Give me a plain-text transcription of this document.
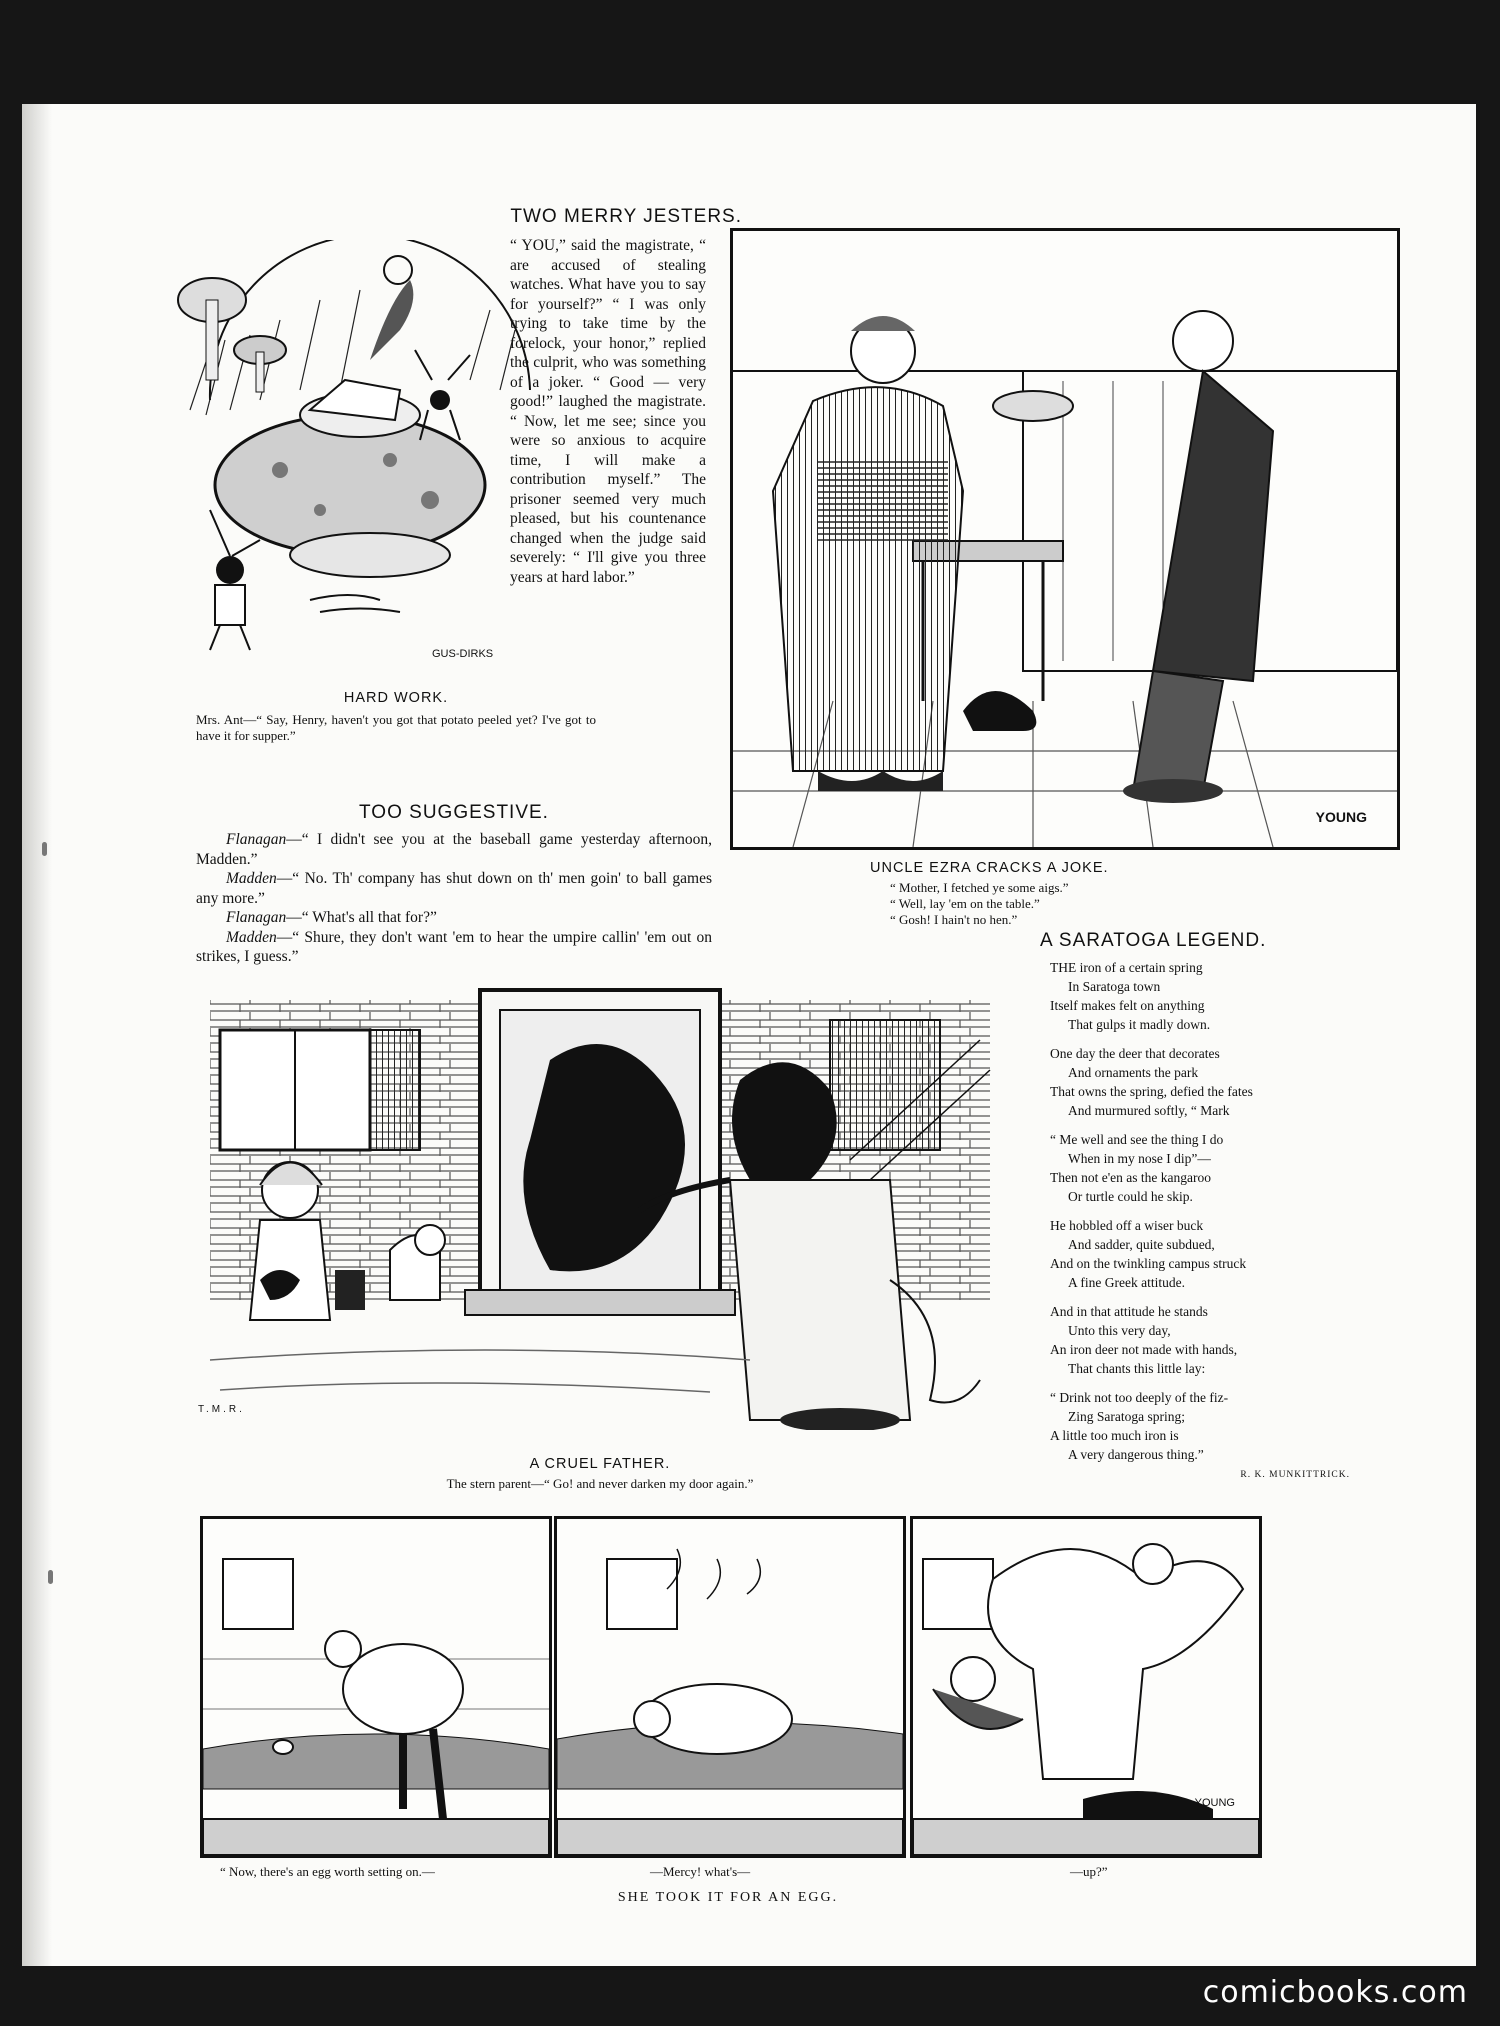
GUS-DIRKS
TWO MERRY JESTERS.
“ YOU,” said the magistrate, “ are accused of stealing watches. What have you to say for yourself?” “ I was only trying to take time by the forelock, your honor,” replied the culprit, who was something of a joker. “ Good — very good!” laughed the magistrate. “ Now, let me see; since you were so anxious to acquire time, I will make a contribution myself.” The prisoner seemed very much pleased, but his countenance changed when the judge said severely: “ I'll give you three years at hard labor.”
HARD WORK.
Mrs. Ant—“ Say, Henry, haven't you got that potato peeled yet? I've got to have it for supper.”
YOUNG
UNCLE EZRA CRACKS A JOKE.
“ Mother, I fetched ye some aigs.”
“ Well, lay 'em on the table.”
“ Gosh! I hain't no hen.”
TOO SUGGESTIVE.
Flanagan—“ I didn't see you at the baseball game yesterday afternoon, Madden.”
Madden—“ No. Th' company has shut down on th' men goin' to ball games any more.”
Flanagan—“ What's all that for?”
Madden—“ Shure, they don't want 'em to hear the umpire callin' 'em out on strikes, I guess.”
A SARATOGA LEGEND.

THE iron of a certain spring
In Saratoga town
Itself makes felt on anything
That gulps it madly down.

One day the deer that decorates
And ornaments the park
That owns the spring, defied the fates
And murmured softly, “ Mark

“ Me well and see the thing I do
When in my nose I dip”—
Then not e'en as the kangaroo
Or turtle could he skip.

He hobbled off a wiser buck
And sadder, quite subdued,
And on the twinkling campus struck
A fine Greek attitude.

And in that attitude he stands
Unto this very day,
An iron deer not made with hands,
That chants this little lay:

“ Drink not too deeply of the fiz-
Zing Saratoga spring;
A little too much iron is
A very dangerous thing.”

R. K. MUNKITTRICK.
T.M.R.
A CRUEL FATHER.
The stern parent—“ Go! and never darken my door again.”
YOUNG
“ Now, there's an egg worth setting on.—	—Mercy! what's—	—up?”
SHE TOOK IT FOR AN EGG.
comicbooks.com
